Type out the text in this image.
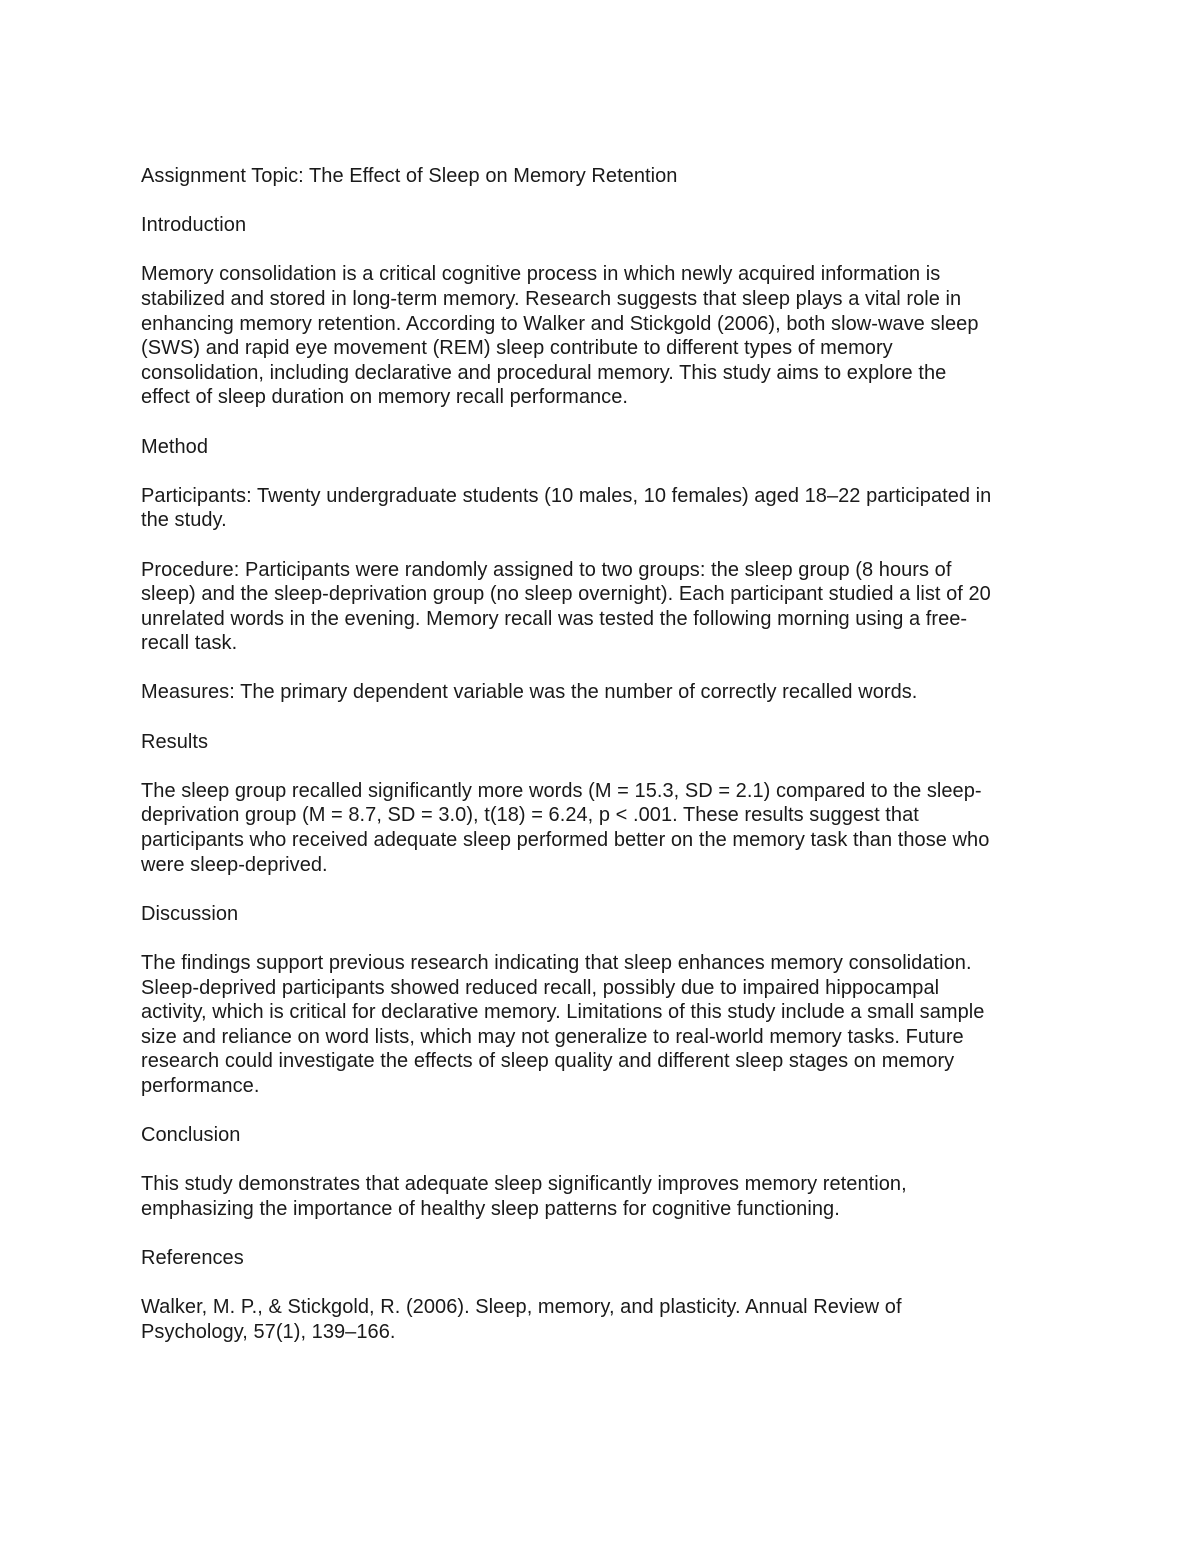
Assignment Topic: The Effect of Sleep on Memory Retention

Introduction

Memory consolidation is a critical cognitive process in which newly acquired information is
stabilized and stored in long-term memory. Research suggests that sleep plays a vital role in
enhancing memory retention. According to Walker and Stickgold (2006), both slow-wave sleep
(SWS) and rapid eye movement (REM) sleep contribute to different types of memory
consolidation, including declarative and procedural memory. This study aims to explore the
effect of sleep duration on memory recall performance.

Method

Participants: Twenty undergraduate students (10 males, 10 females) aged 18–22 participated in
the study.

Procedure: Participants were randomly assigned to two groups: the sleep group (8 hours of
sleep) and the sleep-deprivation group (no sleep overnight). Each participant studied a list of 20
unrelated words in the evening. Memory recall was tested the following morning using a free-
recall task.

Measures: The primary dependent variable was the number of correctly recalled words.

Results

The sleep group recalled significantly more words (M = 15.3, SD = 2.1) compared to the sleep-
deprivation group (M = 8.7, SD = 3.0), t(18) = 6.24, p < .001. These results suggest that
participants who received adequate sleep performed better on the memory task than those who
were sleep-deprived.

Discussion

The findings support previous research indicating that sleep enhances memory consolidation.
Sleep-deprived participants showed reduced recall, possibly due to impaired hippocampal
activity, which is critical for declarative memory. Limitations of this study include a small sample
size and reliance on word lists, which may not generalize to real-world memory tasks. Future
research could investigate the effects of sleep quality and different sleep stages on memory
performance.

Conclusion

This study demonstrates that adequate sleep significantly improves memory retention,
emphasizing the importance of healthy sleep patterns for cognitive functioning.

References

Walker, M. P., & Stickgold, R. (2006). Sleep, memory, and plasticity. Annual Review of
Psychology, 57(1), 139–166.
